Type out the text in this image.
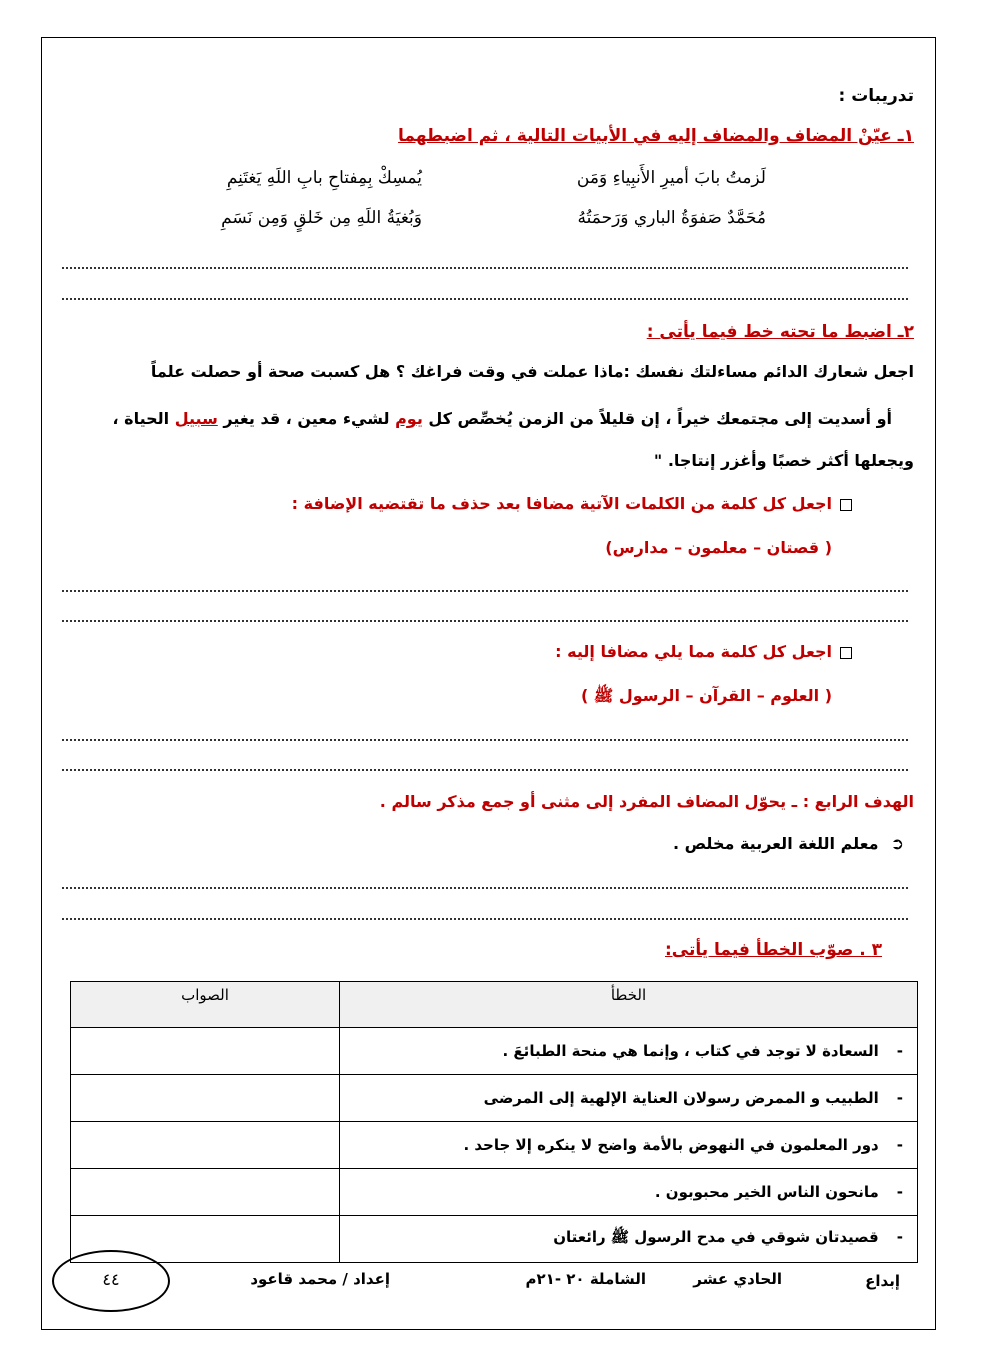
تدريبات :
١ـ عيّنْ المضاف والمضاف إليه في الأبيات التالية ، ثم اضبطهما
لَزمتُ بابَ أميرِ الأَنبِياءِ وَمَن
يُمسِكْ بِمِفتاحِ بابِ اللَهِ يَغتَنِمِ
مُحَمَّدٌ صَفوَةُ الباري وَرَحمَتُهُ
وَبُغيَةُ اللَهِ مِن خَلقٍ وَمِن نَسَمِ
٢ـ اضبط ما تحته خط فيما يأتى :
اجعل شعارك الدائم مساءلتك نفسك :ماذا عملت في وقت فراغك ؟ هل كسبت صحة أو حصلت علماً
أو أسديت إلى مجتمعك خيراً ، إن قليلاً من الزمن يُخصِّص كل يوم لشيء معين ، قد يغير سبيل الحياة ،
ويجعلها أكثر خصبًا وأغزر إنتاجا. "
اجعل كل كلمة من الكلمات الآتية مضافا بعد حذف ما تقتضيه الإضافة :
( قصتان – معلمون – مدارس)
اجعل كل كلمة مما يلي مضافا إليه :
( العلوم – القرآن – الرسول ﷺ )
الهدف الرابع : ـ يحوّل المضاف المفرد إلى مثنى أو جمع مذكر سالم .
➲معلم اللغة العربية مخلص .
٣ . صوّب الخطأ فيما يأتى:
الخطأ	الصواب
-السعادة لا توجد في كتاب ، وإنما هي منحة الطبائعَ .	
-الطبيب و الممرض رسولان العناية الإلهية إلى المرضى	
-دور المعلمون في النهوض بالأمة واضح لا ينكره إلا جاحد .	
-مانحون الناس الخير محبوبون .	
-قصيدتان شوقي في مدح الرسول ﷺ رائعتان	
إبداع
الحادي عشر
الشاملة ٢٠ -٢١م
إعداد / محمد قاعود
٤٤
